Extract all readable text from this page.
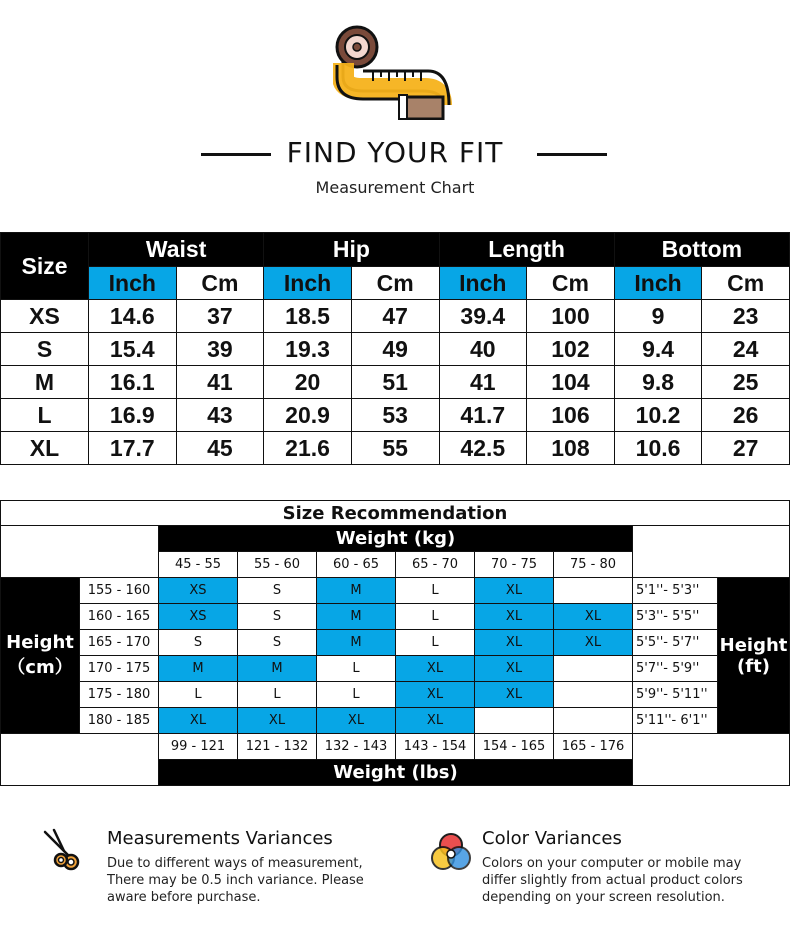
FIND YOUR FIT
Measurement Chart
Size	Waist		Hip		Length		Bottom	
	Inch	Cm	Inch	Cm	Inch	Cm	Inch	Cm
XS	14.6	37	18.5	47	39.4	100	9	23
S	15.4	39	19.3	49	40	102	9.4	24
M	16.1	41	20	51	41	104	9.8	25
L	16.9	43	20.9	53	41.7	106	10.2	26
XL	17.7	45	21.6	55	42.5	108	10.6	27
Size Recommendation									
		Weight (kg)							
		45 - 55	55 - 60	60 - 65	65 - 70	70 - 75	75 - 80		
Height
（cm）	155 - 160	XS	S	M	L	XL		5'1''- 5'3''	Height
(ft)
	160 - 165	XS	S	M	L	XL	XL	5'3''- 5'5''	
	165 - 170	S	S	M	L	XL	XL	5'5''- 5'7''	
	170 - 175	M	M	L	XL	XL		5'7''- 5'9''	
	175 - 180	L	L	L	XL	XL		5'9''- 5'11''	
	180 - 185	XL	XL	XL	XL			5'11''- 6'1''	
		99 - 121	121 - 132	132 - 143	143 - 154	154 - 165	165 - 176		
		Weight (lbs)							
Measurements Variances
Due to different ways of measurement,
There may be 0.5 inch variance. Please
aware before purchase.
Color Variances
Colors on your computer or mobile may
differ slightly from actual product colors
depending on your screen resolution.
